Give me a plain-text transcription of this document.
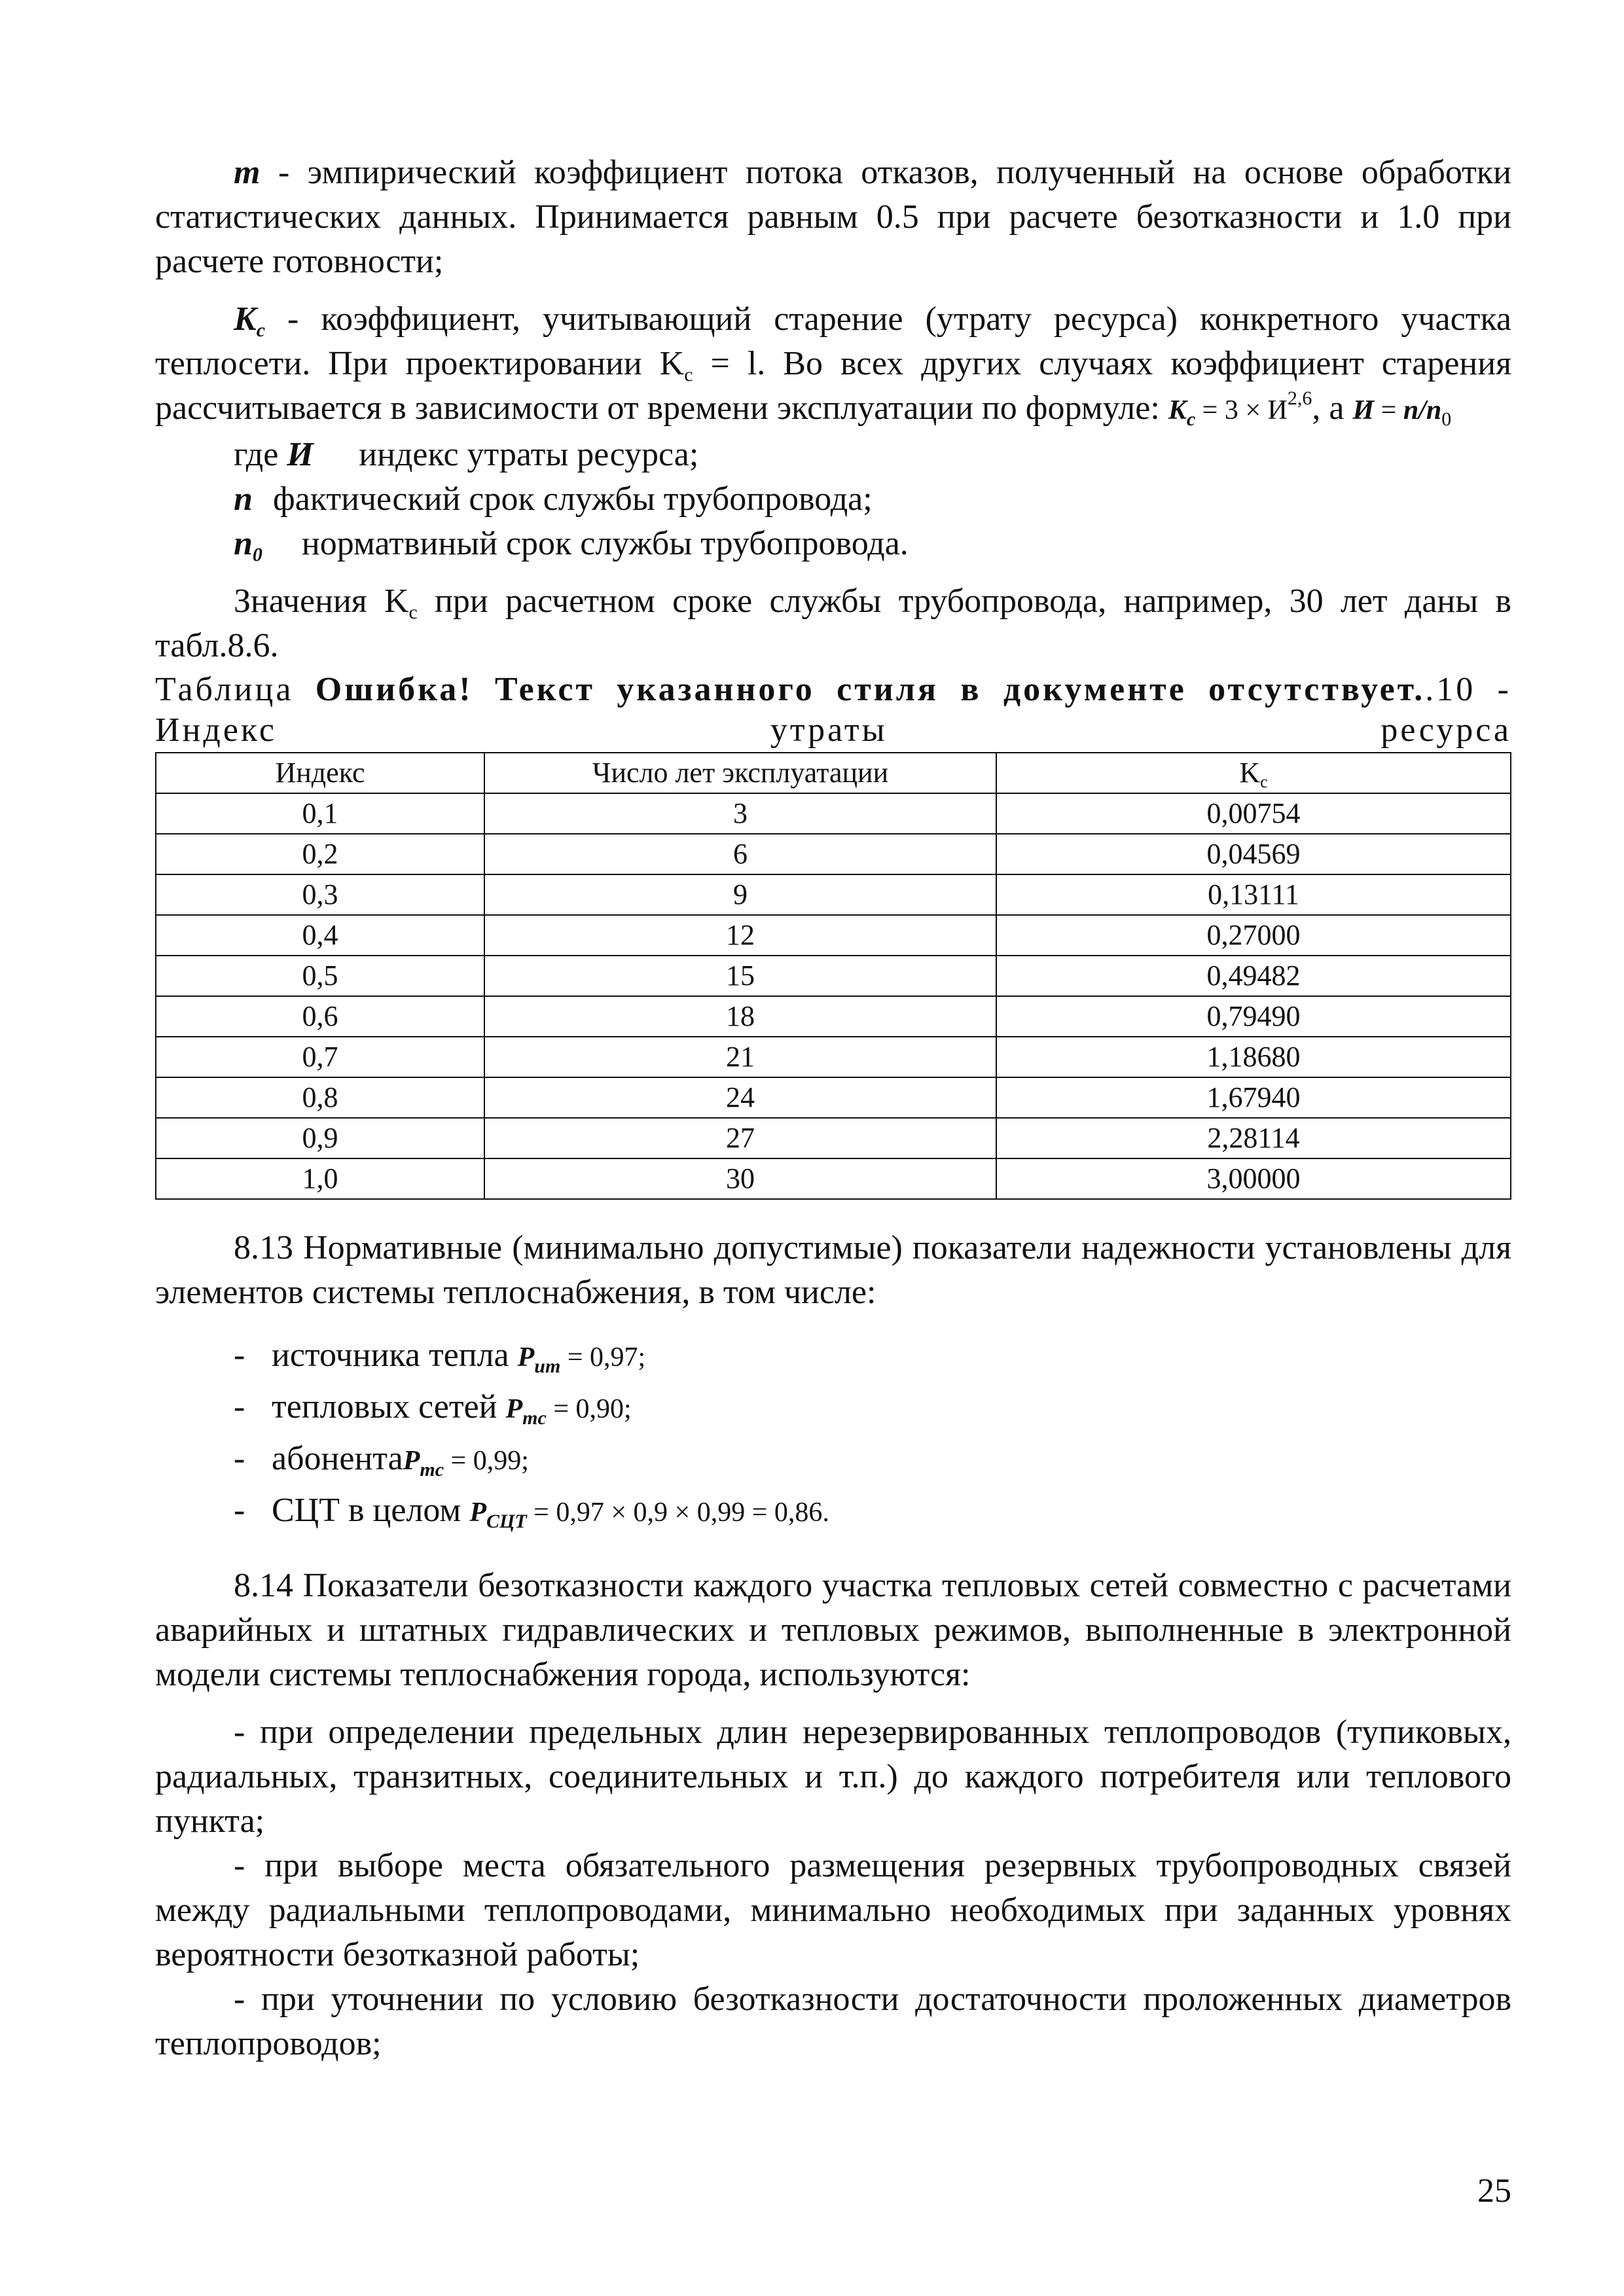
m - эмпирический коэффициент потока отказов, полученный на основе обработки статистических данных. Принимается равным 0.5 при расчете безотказности и 1.0 при расчете готовности;

$K_c$ - коэффициент, учитывающий старение (утрату ресурса) конкретного участка теплосети. При проектировании $K_c = l$. Во всех других случаях коэффициент старения рассчитывается в зависимости от времени эксплуатации по формуле: $K_c = 3 \times И^{2,6}$, а $И = n/n_0$

где И индекс утраты ресурса;
n фактический срок службы трубопровода;
$n_0$ норматвиный срок службы трубопровода.

Значения $K_c$ при расчетном сроке службы трубопровода, например, 30 лет даны в табл.8.6.

Таблица Ошибка! Текст указанного стиля в документе отсутствует..10 - Индекс утраты ресурса
Индекс	Число лет эксплуатации	$K_c$
0,1	3	0,00754
0,2	6	0,04569
0,3	9	0,13111
0,4	12	0,27000
0,5	15	0,49482
0,6	18	0,79490
0,7	21	1,18680
0,8	24	1,67940
0,9	27	2,28114
1,0	30	3,00000

8.13 Нормативные (минимально допустимые) показатели надежности установлены для элементов системы теплоснабжения, в том числе:

- источника тепла $P_{ит} = 0,97$;
- тепловых сетей $P_{тс} = 0,90$;
- абонентаP$_{тс}$ = 0,99;
- СЦТ в целом $P_{СЦТ} = 0,97 \times 0,9 \times 0,99 = 0,86$.

8.14 Показатели безотказности каждого участка тепловых сетей совместно с расчетами аварийных и штатных гидравлических и тепловых режимов, выполненные в электронной модели системы теплоснабжения города, используются:

- при определении предельных длин нерезервированных теплопроводов (тупиковых, радиальных, транзитных, соединительных и т.п.) до каждого потребителя или теплового пункта;

- при выборе места обязательного размещения резервных трубопроводных связей между радиальными теплопроводами, минимально необходимых при заданных уровнях вероятности безотказной работы;

- при уточнении по условию безотказности достаточности проложенных диаметров теплопроводов;

25
